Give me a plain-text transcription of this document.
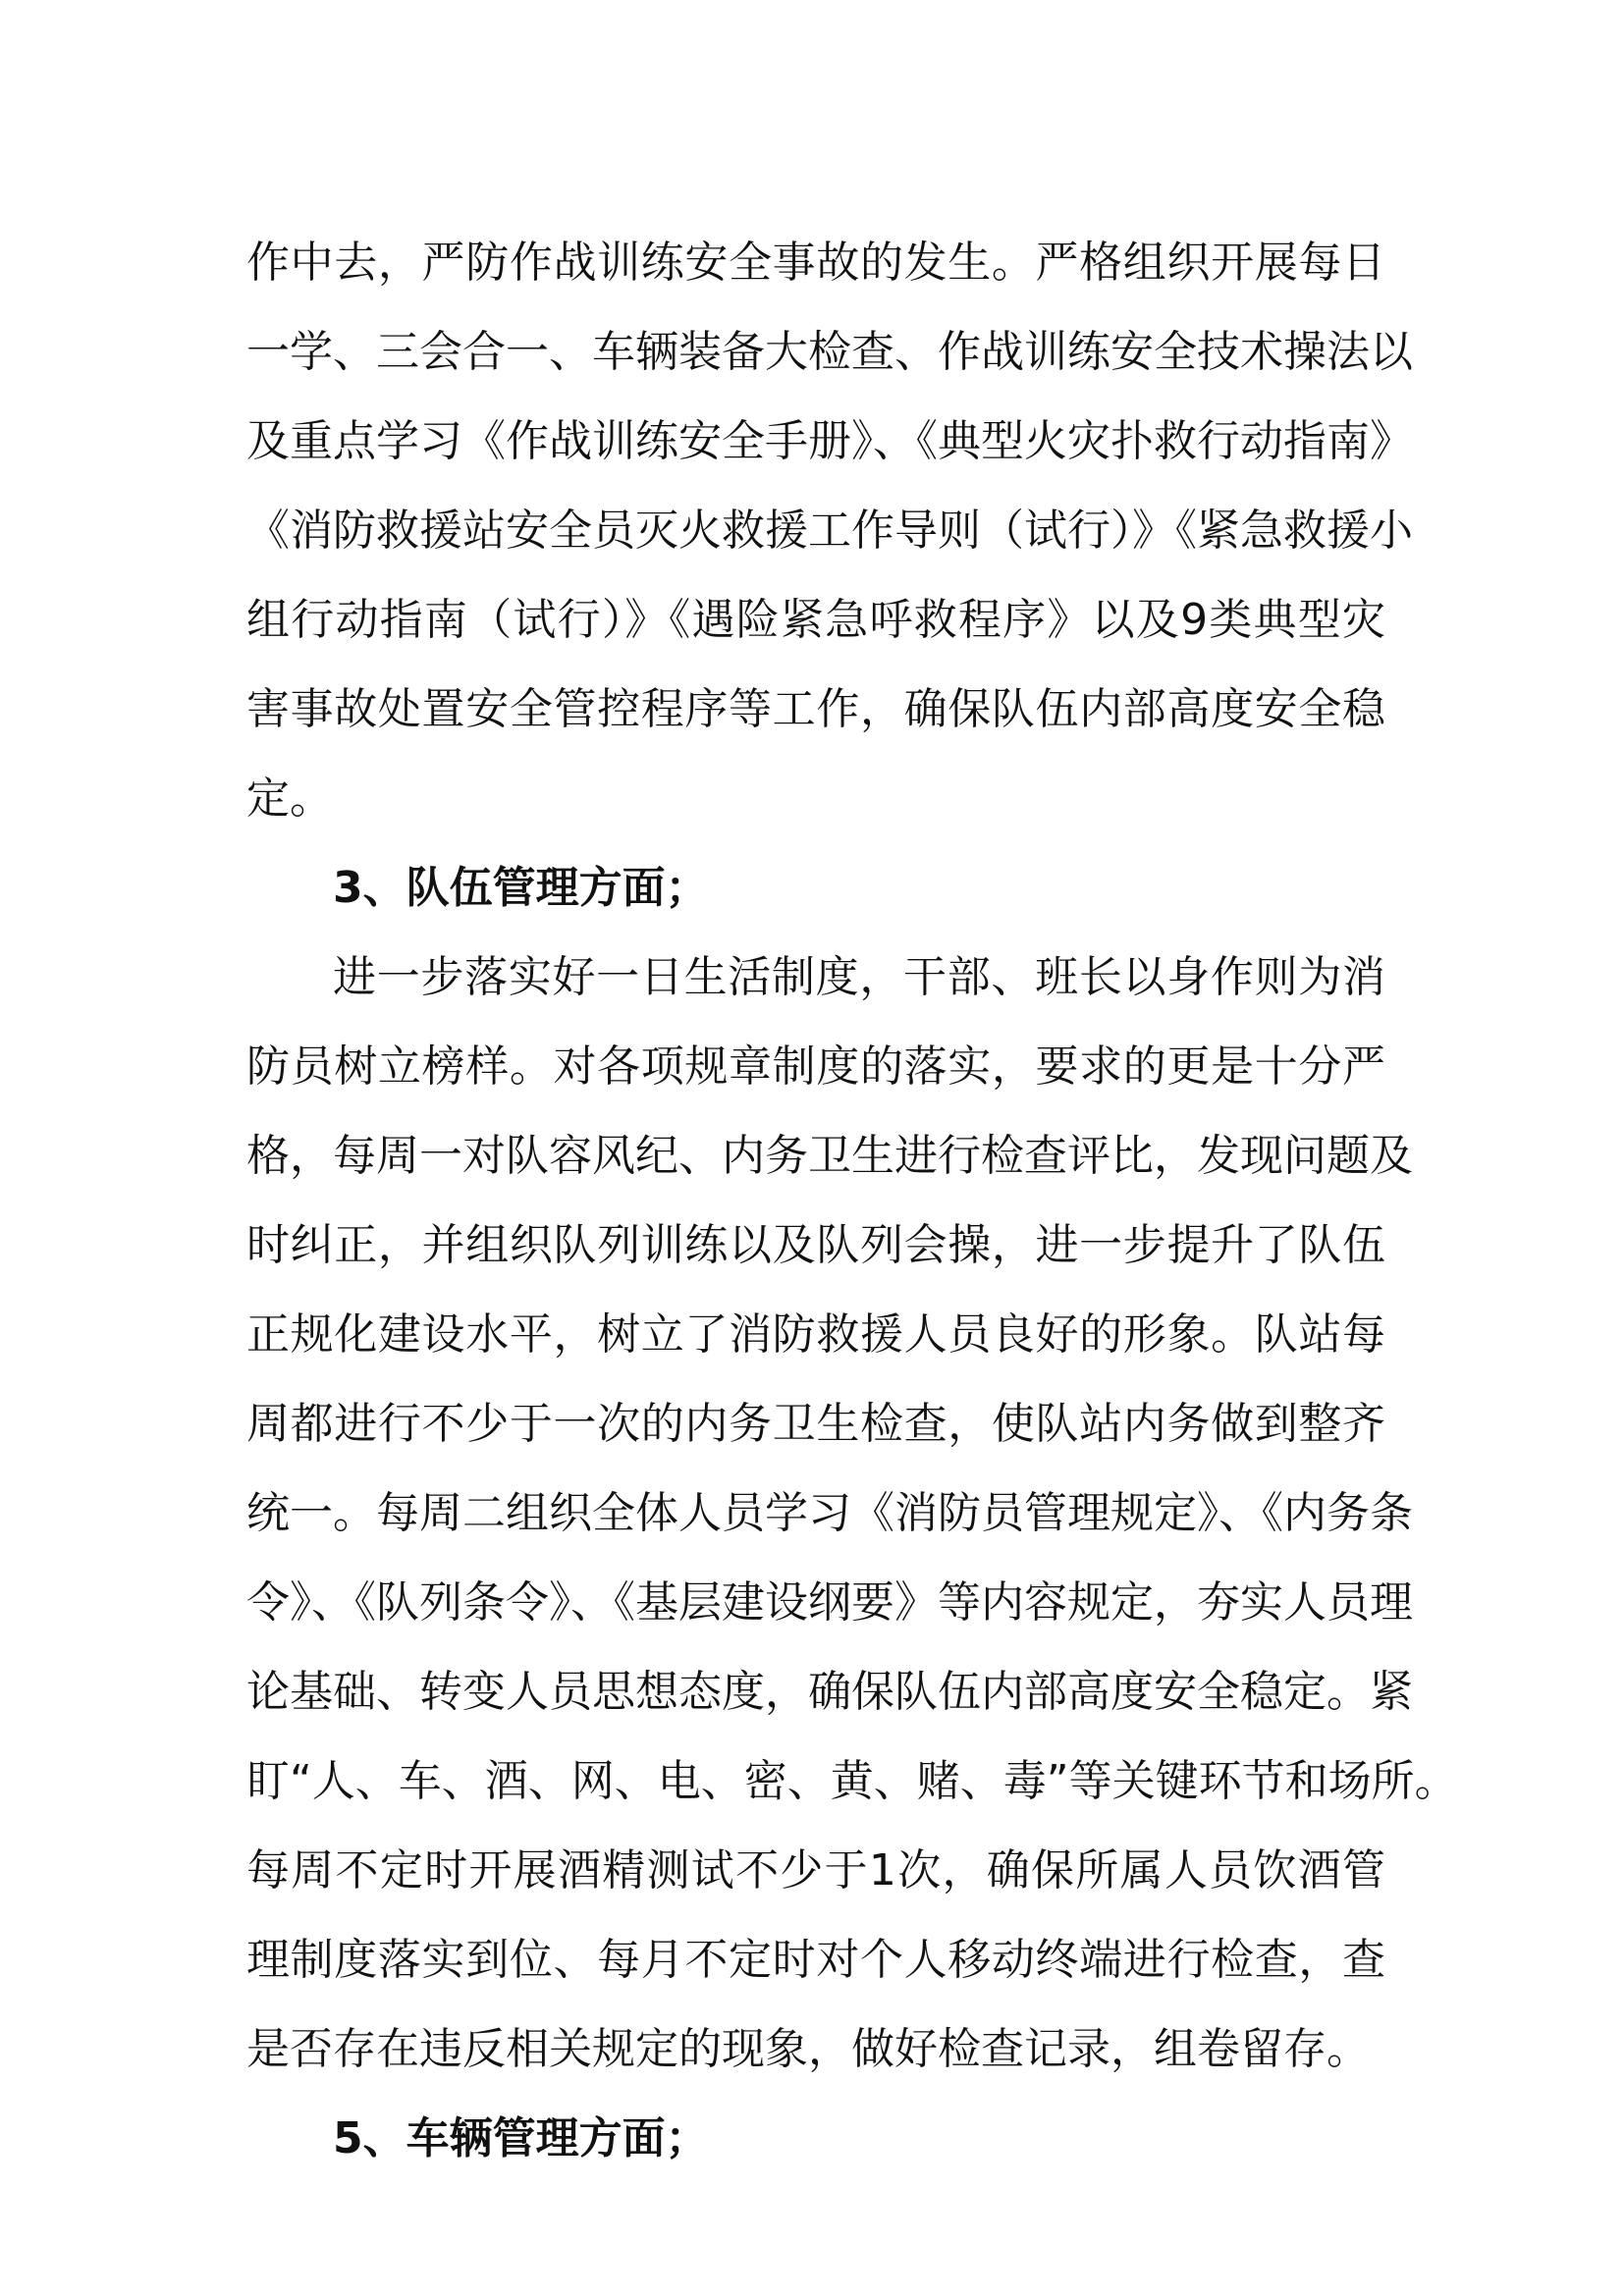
作中去，严防作战训练安全事故的发生。严格组织开展每日
一学、三会合一、车辆装备大检查、作战训练安全技术操法以
及重点学习《作战训练安全手册》、《典型火灾扑救行动指南》
《消防救援站安全员灭火救援工作导则（试行）》《紧急救援小
组行动指南（试行）》《遇险紧急呼救程序》以及9类典型灾
害事故处置安全管控程序等工作，确保队伍内部高度安全稳
定。
3、队伍管理方面；
进一步落实好一日生活制度，干部、班长以身作则为消
防员树立榜样。对各项规章制度的落实，要求的更是十分严
格，每周一对队容风纪、内务卫生进行检查评比，发现问题及
时纠正，并组织队列训练以及队列会操，进一步提升了队伍
正规化建设水平，树立了消防救援人员良好的形象。队站每
周都进行不少于一次的内务卫生检查，使队站内务做到整齐
统一。每周二组织全体人员学习《消防员管理规定》、《内务条
令》、《队列条令》、《基层建设纲要》等内容规定，夯实人员理
论基础、转变人员思想态度，确保队伍内部高度安全稳定。紧
盯“人、车、酒、网、电、密、黄、赌、毒”等关键环节和场所。
每周不定时开展酒精测试不少于1次，确保所属人员饮酒管
理制度落实到位、每月不定时对个人移动终端进行检查，查
是否存在违反相关规定的现象，做好检查记录，组卷留存。
5、车辆管理方面；
